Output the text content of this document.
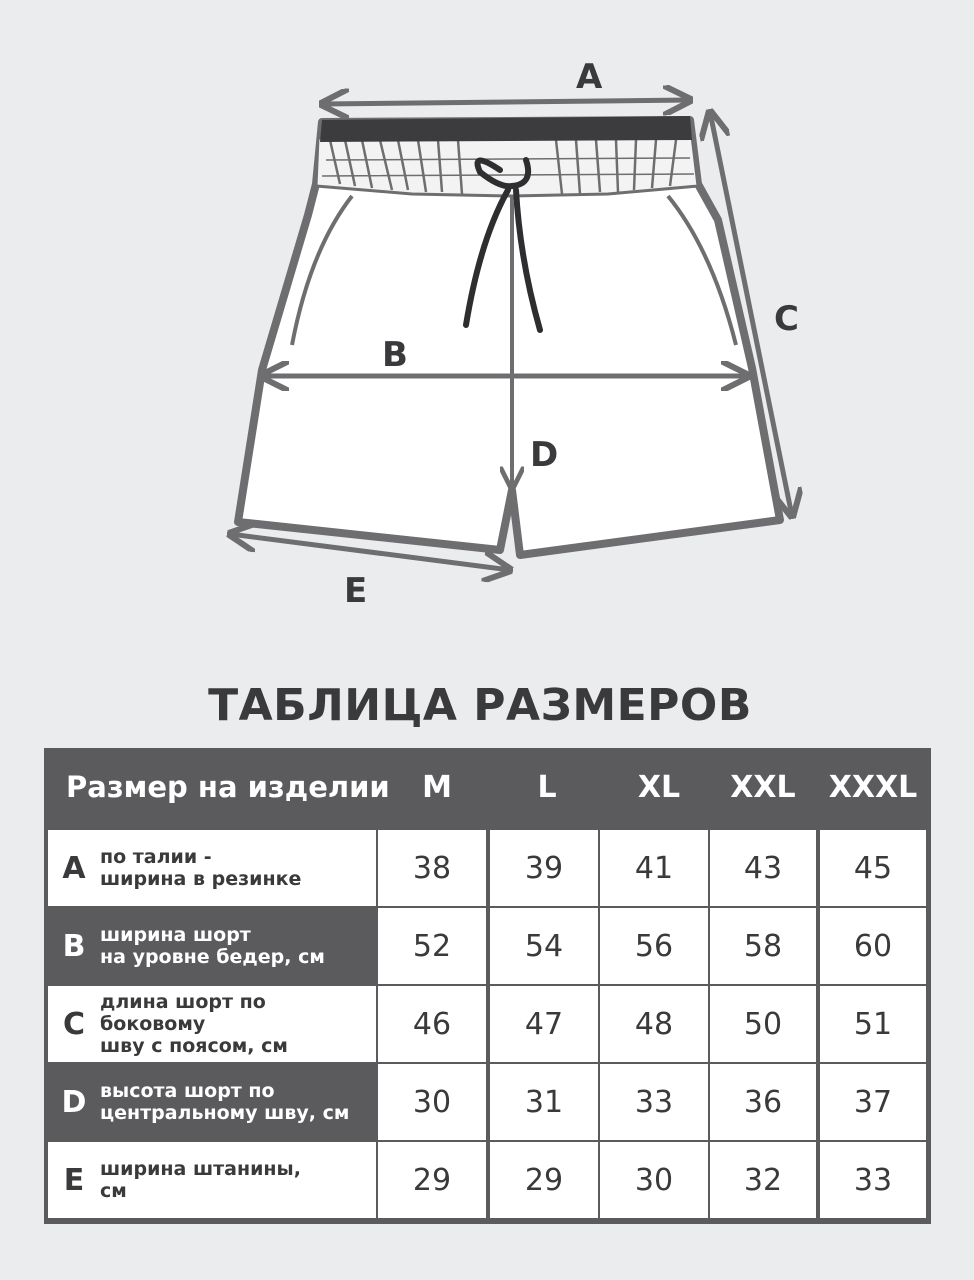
A
C
B
D
E
ТАБЛИЦА РАЗМЕРОВ
Размер на изделии	M	L	XL	XXL	XXXL
A по талии -
ширина в резинке	38	39	41	43	45
B ширина шорт
на уровне бедер, см	52	54	56	58	60
C
длина шорт по боковому
шву с поясом, см
46	47	48	50	51
D высота шорт по
центральному шву, см	30	31	33	36	37
E ширина штанины,
см	29	29	30	32	33
